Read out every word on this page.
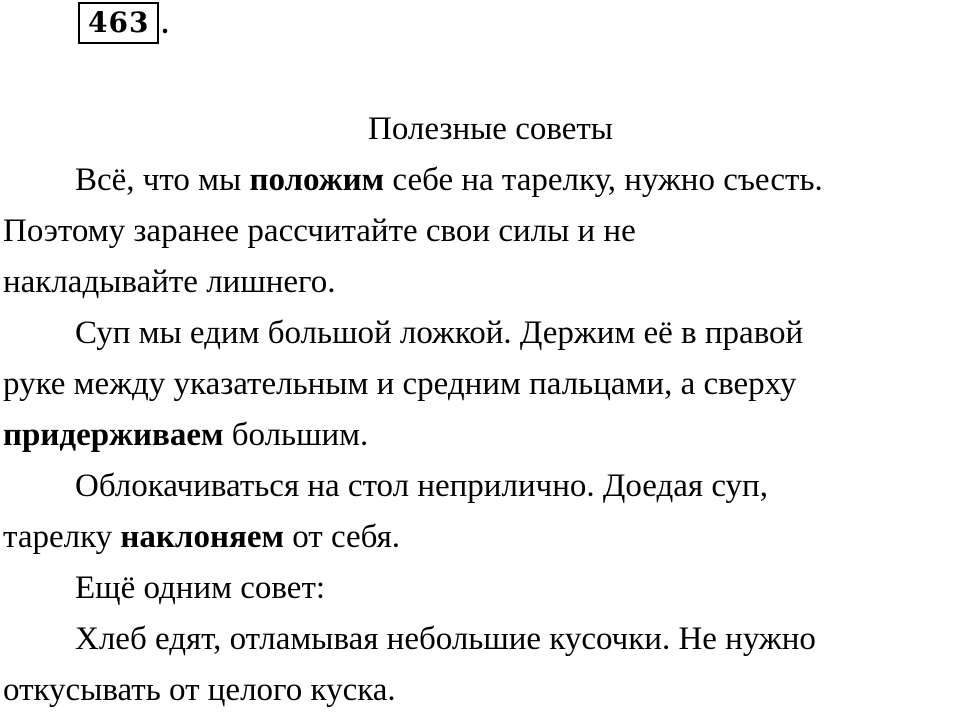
463 .
Полезные советы

Всё, что мы положим себе на тарелку, нужно съесть.
Поэтому заранее рассчитайте свои силы и не
накладывайте лишнего.

Суп мы едим большой ложкой. Держим её в правой
руке между указательным и средним пальцами, а сверху
придерживаем большим.

Облокачиваться на стол неприлично. Доедая суп,
тарелку наклоняем от себя.

Ещё одним совет:

Хлеб едят, отламывая небольшие кусочки. Не нужно
откусывать от целого куска.
